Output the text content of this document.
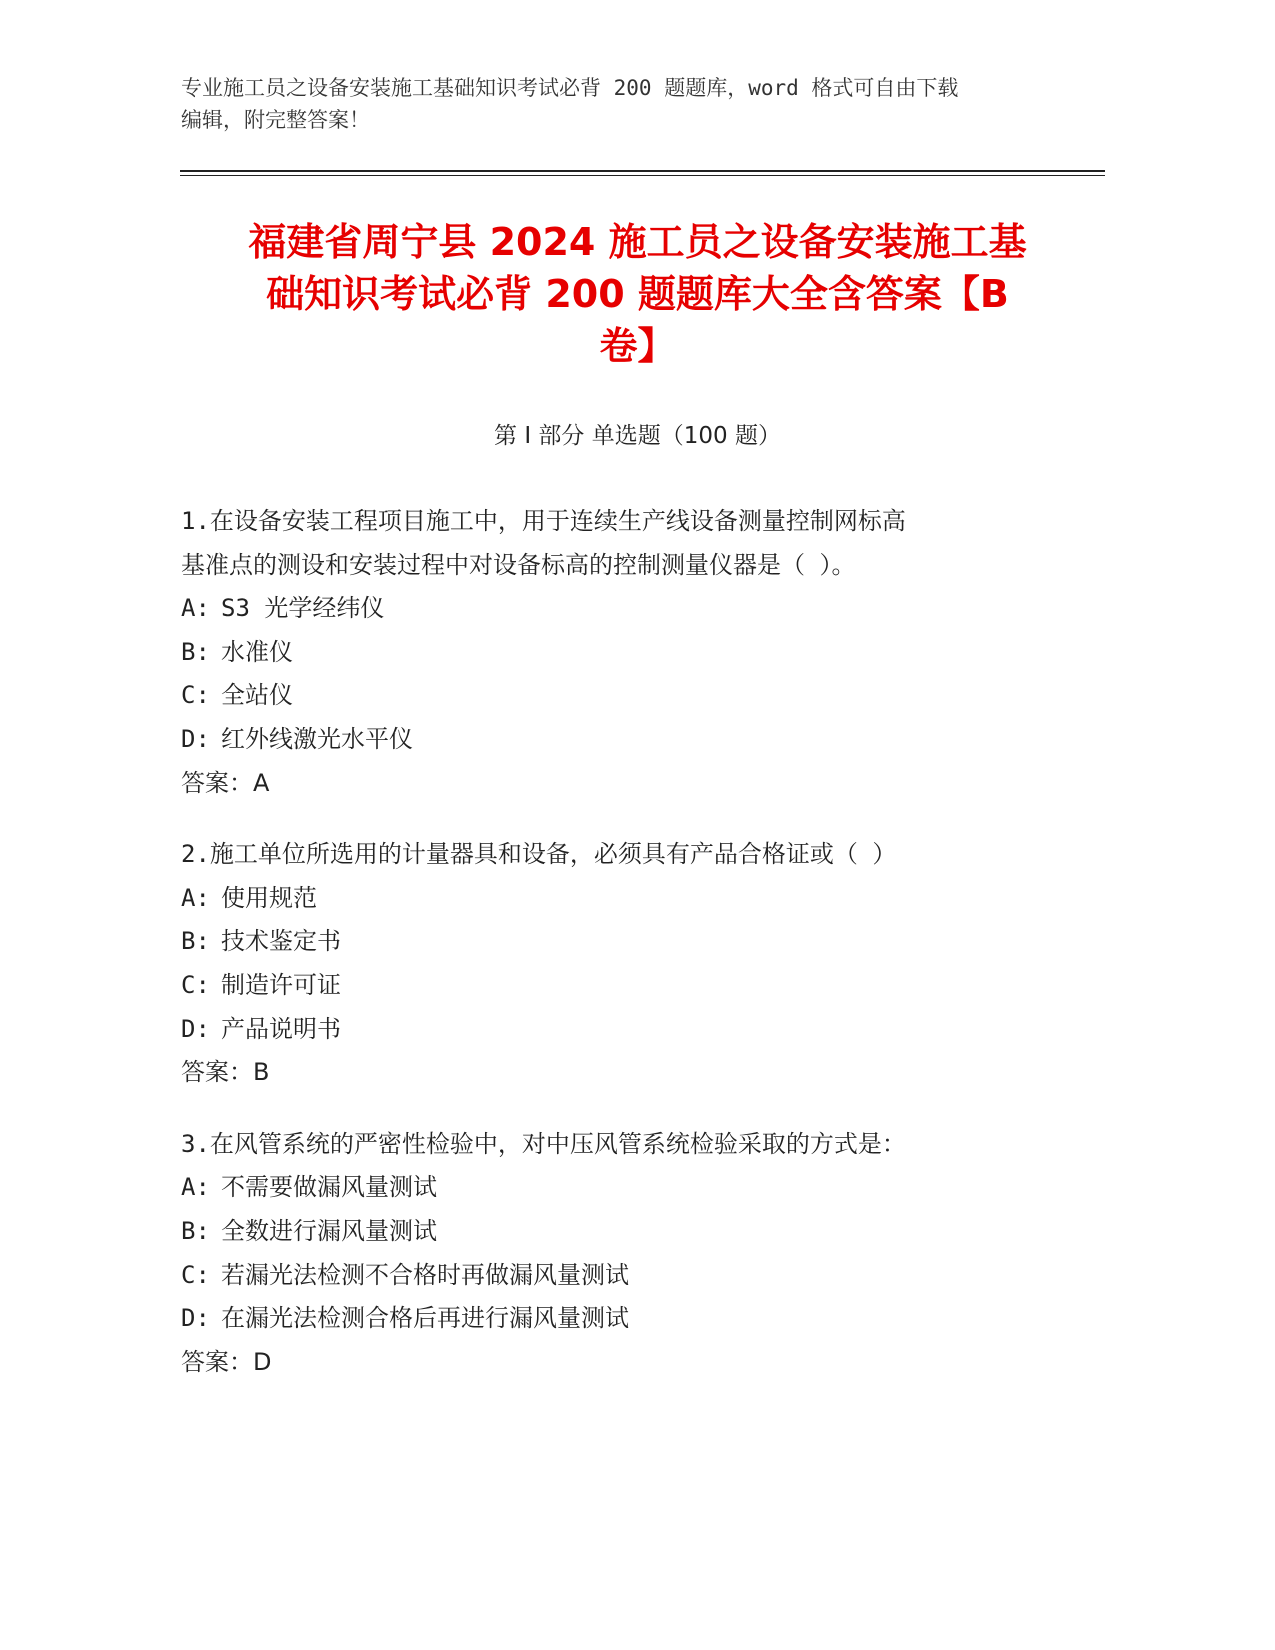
专业施工员之设备安装施工基础知识考试必背 200 题题库，word 格式可自由下载
编辑，附完整答案！
福建省周宁县 2024 施工员之设备安装施工基
础知识考试必背 200 题题库大全含答案【B
卷】
第 I 部分 单选题（100 题）
1.在设备安装工程项目施工中，用于连续生产线设备测量控制网标高
基准点的测设和安装过程中对设备标高的控制测量仪器是（ ）。
A: S3 光学经纬仪
B: 水准仪
C: 全站仪
D: 红外线激光水平仪
答案：A
2.施工单位所选用的计量器具和设备，必须具有产品合格证或（ ）
A: 使用规范
B: 技术鉴定书
C: 制造许可证
D: 产品说明书
答案：B
3.在风管系统的严密性检验中，对中压风管系统检验采取的方式是：
A: 不需要做漏风量测试
B: 全数进行漏风量测试
C: 若漏光法检测不合格时再做漏风量测试
D: 在漏光法检测合格后再进行漏风量测试
答案：D
